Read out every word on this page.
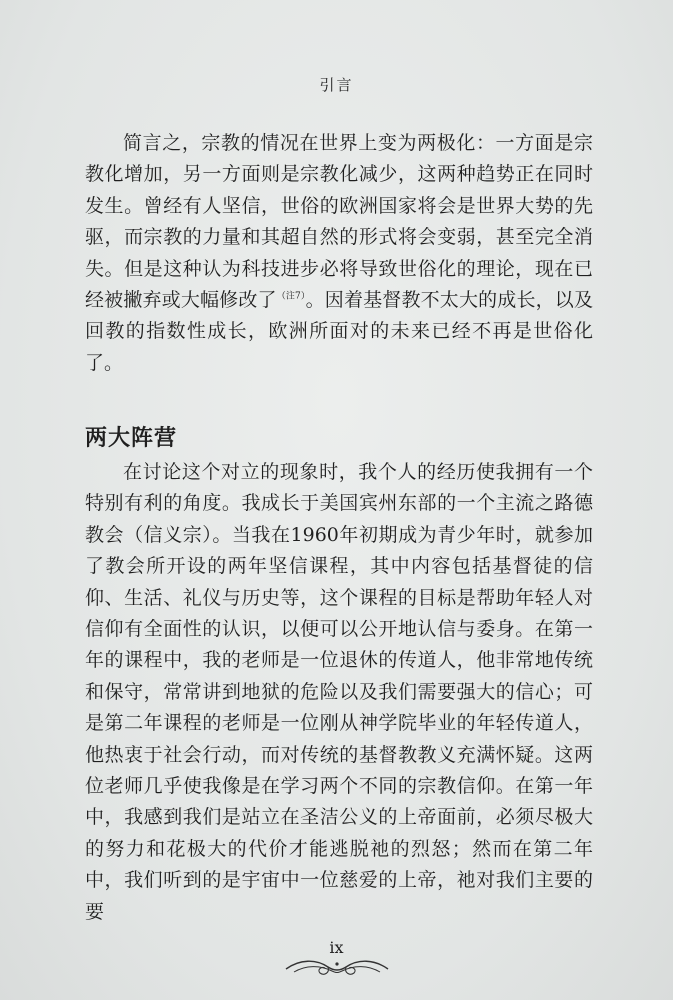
引言

简言之，宗教的情况在世界上变为两极化：一方面是宗教化增加，另一方面则是宗教化减少，这两种趋势正在同时发生。曾经有人坚信，世俗的欧洲国家将会是世界大势的先驱，而宗教的力量和其超自然的形式将会变弱，甚至完全消失。但是这种认为科技进步必将导致世俗化的理论，现在已经被撇弃或大幅修改了$^{(注7)}$。因着基督教不太大的成长，以及回教的指数性成长，欧洲所面对的未来已经不再是世俗化了。

两大阵营

在讨论这个对立的现象时，我个人的经历使我拥有一个特别有利的角度。我成长于美国宾州东部的一个主流之路德教会（信义宗）。当我在1960年初期成为青少年时，就参加了教会所开设的两年坚信课程，其中内容包括基督徒的信仰、生活、礼仪与历史等，这个课程的目标是帮助年轻人对信仰有全面性的认识，以便可以公开地认信与委身。在第一年的课程中，我的老师是一位退休的传道人，他非常地传统和保守，常常讲到地狱的危险以及我们需要强大的信心；可是第二年课程的老师是一位刚从神学院毕业的年轻传道人，他热衷于社会行动，而对传统的基督教教义充满怀疑。这两位老师几乎使我像是在学习两个不同的宗教信仰。在第一年中，我感到我们是站立在圣洁公义的上帝面前，必须尽极大的努力和花极大的代价才能逃脱祂的烈怒；然而在第二年中，我们听到的是宇宙中一位慈爱的上帝，祂对我们主要的要

ix
